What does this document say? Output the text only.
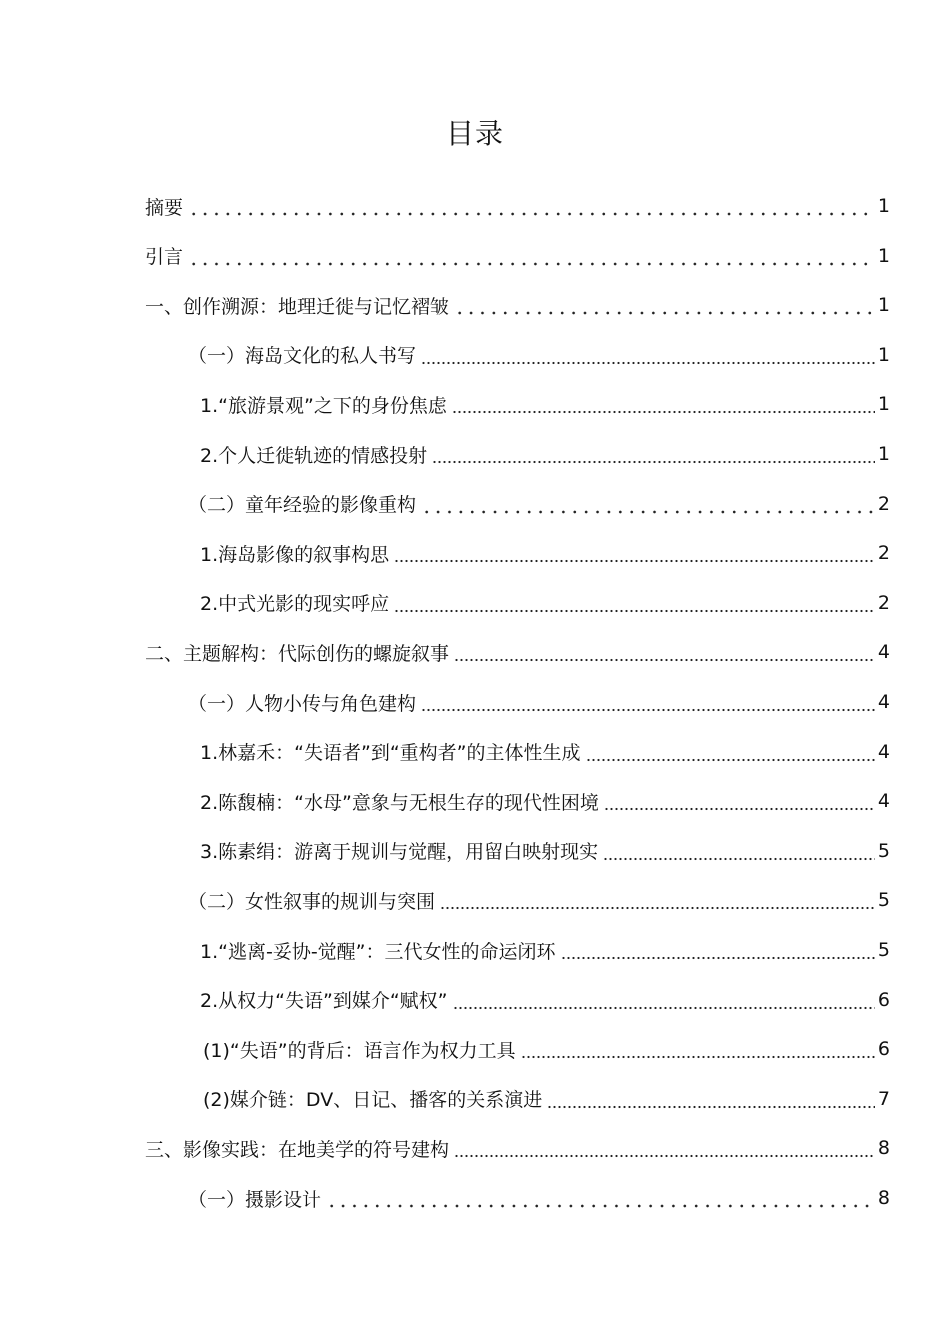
目录
摘要	1
引言	1
一、创作溯源：地理迁徙与记忆褶皱	1
（一）海岛文化的私人书写	1
1.“旅游景观”之下的身份焦虑	1
2.个人迁徙轨迹的情感投射	1
（二）童年经验的影像重构	2
1.海岛影像的叙事构思	2
2.中式光影的现实呼应	2
二、主题解构：代际创伤的螺旋叙事	4
（一）人物小传与角色建构	4
1.林嘉禾：“失语者”到“重构者”的主体性生成	4
2.陈馥楠：“水母”意象与无根生存的现代性困境	4
3.陈素绢：游离于规训与觉醒，用留白映射现实	5
（二）女性叙事的规训与突围	5
1.“逃离-妥协-觉醒”：三代女性的命运闭环	5
2.从权力“失语”到媒介“赋权”	6
(1)“失语”的背后：语言作为权力工具	6
(2)媒介链：DV、日记、播客的关系演进	7
三、影像实践：在地美学的符号建构	8
（一）摄影设计	8
